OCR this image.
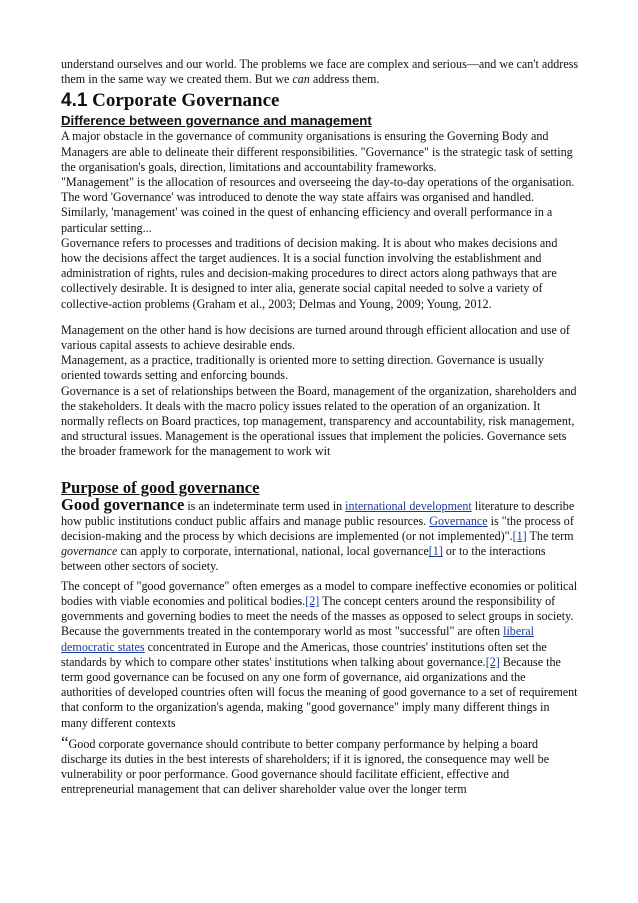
understand ourselves and our world. The problems we face are complex and serious—and we can't address them in the same way we created them. But we can address them.

4.1 Corporate Governance
Difference between governance and management

A major obstacle in the governance of community organisations is ensuring the Governing Body and Managers are able to delineate their different responsibilities. "Governance" is the strategic task of setting the organisation's goals, direction, limitations and accountability frameworks.

"Management" is the allocation of resources and overseeing the day-to-day operations of the organisation.

The word 'Governance' was introduced to denote the way state affairs was organised and handled. Similarly, 'management' was coined in the quest of enhancing efficiency and overall performance in a particular setting...

Governance refers to processes and traditions of decision making. It is about who makes decisions and how the decisions affect the target audiences. It is a social function involving the establishment and administration of rights, rules and decision-making procedures to direct actors along pathways that are collectively desirable. It is designed to inter alia, generate social capital needed to solve a variety of collective-action problems (Graham et al., 2003; Delmas and Young, 2009; Young, 2012.

Management on the other hand is how decisions are turned around through efficient allocation and use of various capital assests to achieve desirable ends.

Management, as a practice, traditionally is oriented more to setting direction. Governance is usually oriented towards setting and enforcing bounds.

Governance is a set of relationships between the Board, management of the organization, shareholders and the stakeholders. It deals with the macro policy issues related to the operation of an organization. It normally reflects on Board practices, top management, transparency and accountability, risk management, and structural issues. Management is the operational issues that implement the policies. Governance sets the broader framework for the management to work wit

Purpose of good governance

Good governance is an indeterminate term used in international development literature to describe how public institutions conduct public affairs and manage public resources. Governance is "the process of decision-making and the process by which decisions are implemented (or not implemented)".[1] The term governance can apply to corporate, international, national, local governance[1] or to the interactions between other sectors of society.

The concept of "good governance" often emerges as a model to compare ineffective economies or political bodies with viable economies and political bodies.[2] The concept centers around the responsibility of governments and governing bodies to meet the needs of the masses as opposed to select groups in society. Because the governments treated in the contemporary world as most "successful" are often liberal democratic states concentrated in Europe and the Americas, those countries' institutions often set the standards by which to compare other states' institutions when talking about governance.[2] Because the term good governance can be focused on any one form of governance, aid organizations and the authorities of developed countries often will focus the meaning of good governance to a set of requirement that conform to the organization's agenda, making "good governance" imply many different things in many different contexts

“Good corporate governance should contribute to better company performance by helping a board discharge its duties in the best interests of shareholders; if it is ignored, the consequence may well be vulnerability or poor performance. Good governance should facilitate efficient, effective and entrepreneurial management that can deliver shareholder value over the longer term
